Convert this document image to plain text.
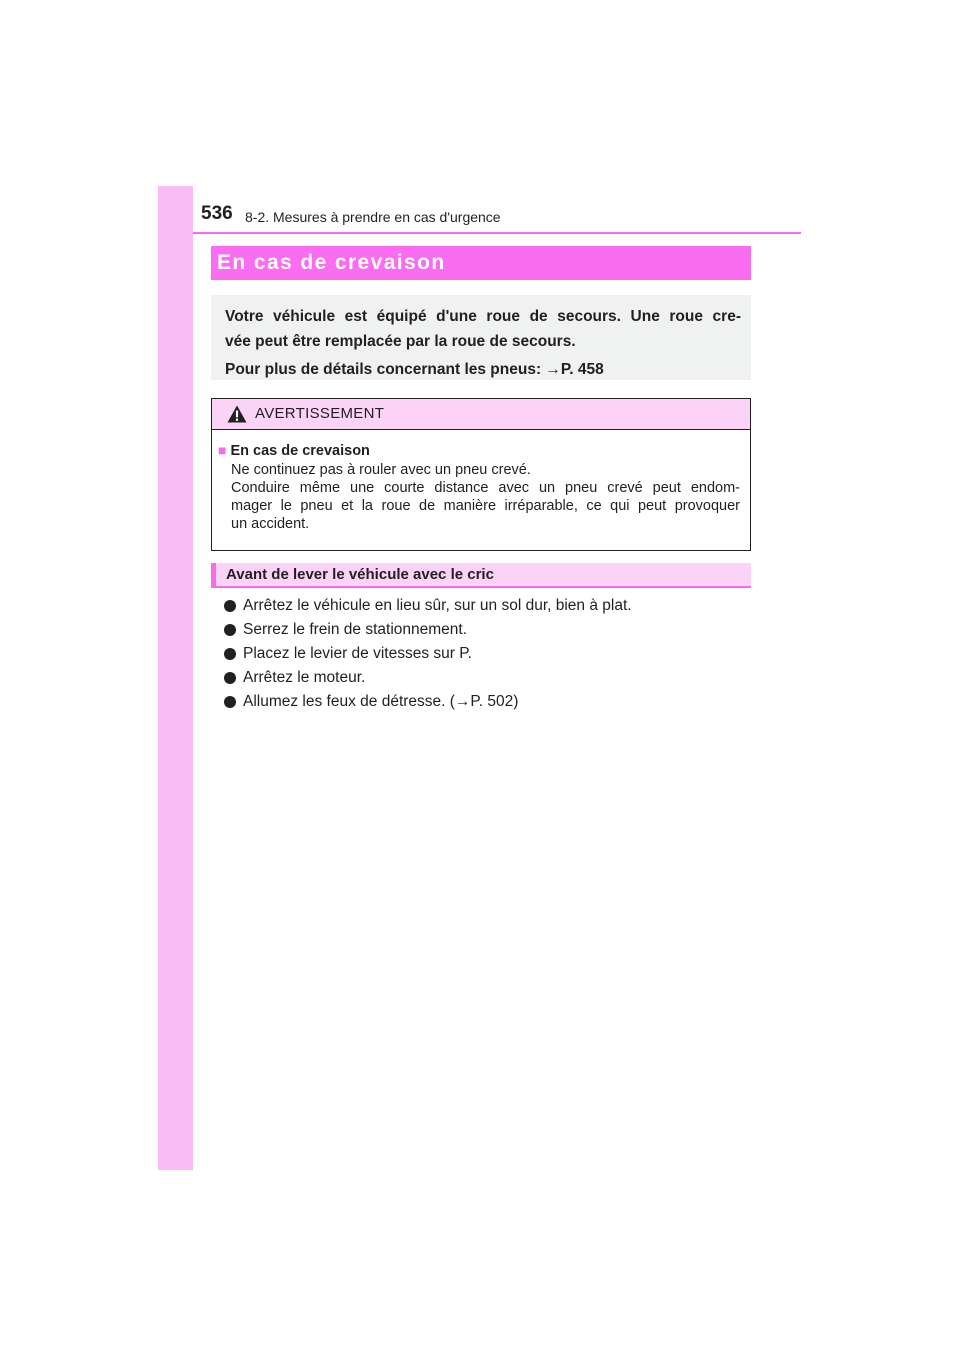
536 8-2. Mesures à prendre en cas d'urgence
En cas de crevaison
Votre véhicule est équipé d'une roue de secours. Une roue cre-
vée peut être remplacée par la roue de secours.
Pour plus de détails concernant les pneus: →P. 458
AVERTISSEMENT
■ En cas de crevaison
Ne continuez pas à rouler avec un pneu crevé.
Conduire même une courte distance avec un pneu crevé peut endom-
mager le pneu et la roue de manière irréparable, ce qui peut provoquer
un accident.
Avant de lever le véhicule avec le cric
Arrêtez le véhicule en lieu sûr, sur un sol dur, bien à plat.
Serrez le frein de stationnement.
Placez le levier de vitesses sur P.
Arrêtez le moteur.
Allumez les feux de détresse. (→P. 502)
